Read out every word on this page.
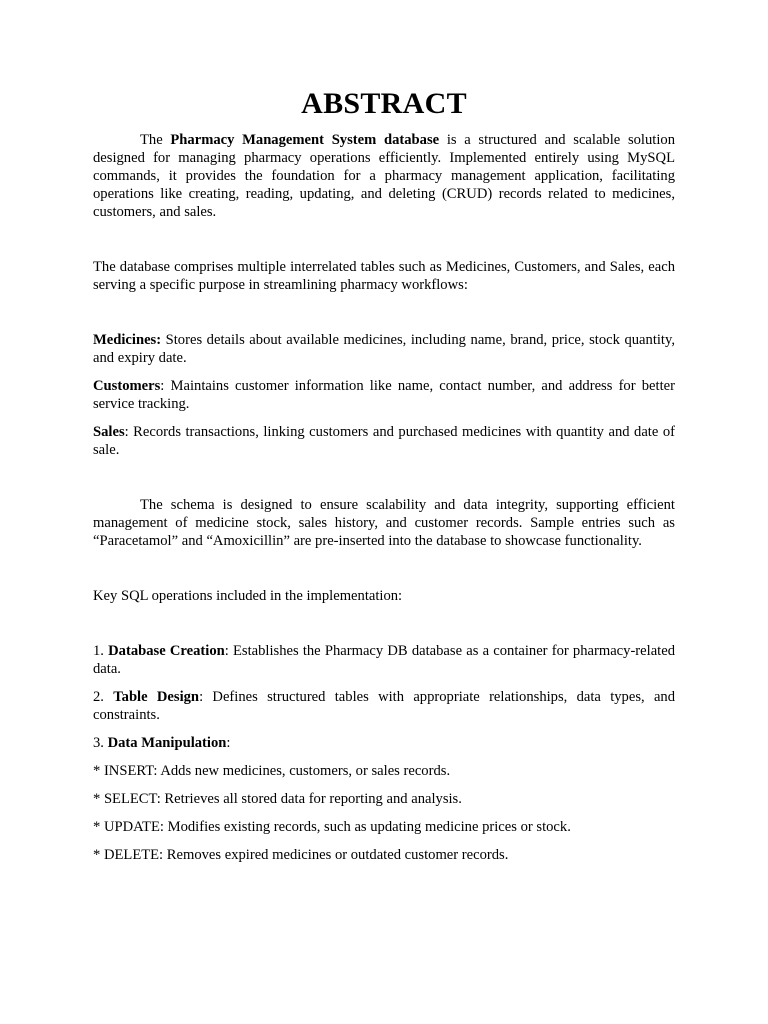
ABSTRACT

The Pharmacy Management System database is a structured and scalable solution designed for managing pharmacy operations efficiently. Implemented entirely using MySQL commands, it provides the foundation for a pharmacy management application, facilitating operations like creating, reading, updating, and deleting (CRUD) records related to medicines, customers, and sales.

The database comprises multiple interrelated tables such as Medicines, Customers, and Sales, each serving a specific purpose in streamlining pharmacy workflows:

Medicines: Stores details about available medicines, including name, brand, price, stock quantity, and expiry date.

Customers: Maintains customer information like name, contact number, and address for better service tracking.

Sales: Records transactions, linking customers and purchased medicines with quantity and date of sale.

The schema is designed to ensure scalability and data integrity, supporting efficient management of medicine stock, sales history, and customer records. Sample entries such as “Paracetamol” and “Amoxicillin” are pre-inserted into the database to showcase functionality.

Key SQL operations included in the implementation:

1. Database Creation: Establishes the Pharmacy DB database as a container for pharmacy-related data.

2. Table Design: Defines structured tables with appropriate relationships, data types, and constraints.

3. Data Manipulation:

* INSERT: Adds new medicines, customers, or sales records.

* SELECT: Retrieves all stored data for reporting and analysis.

* UPDATE: Modifies existing records, such as updating medicine prices or stock.

* DELETE: Removes expired medicines or outdated customer records.
